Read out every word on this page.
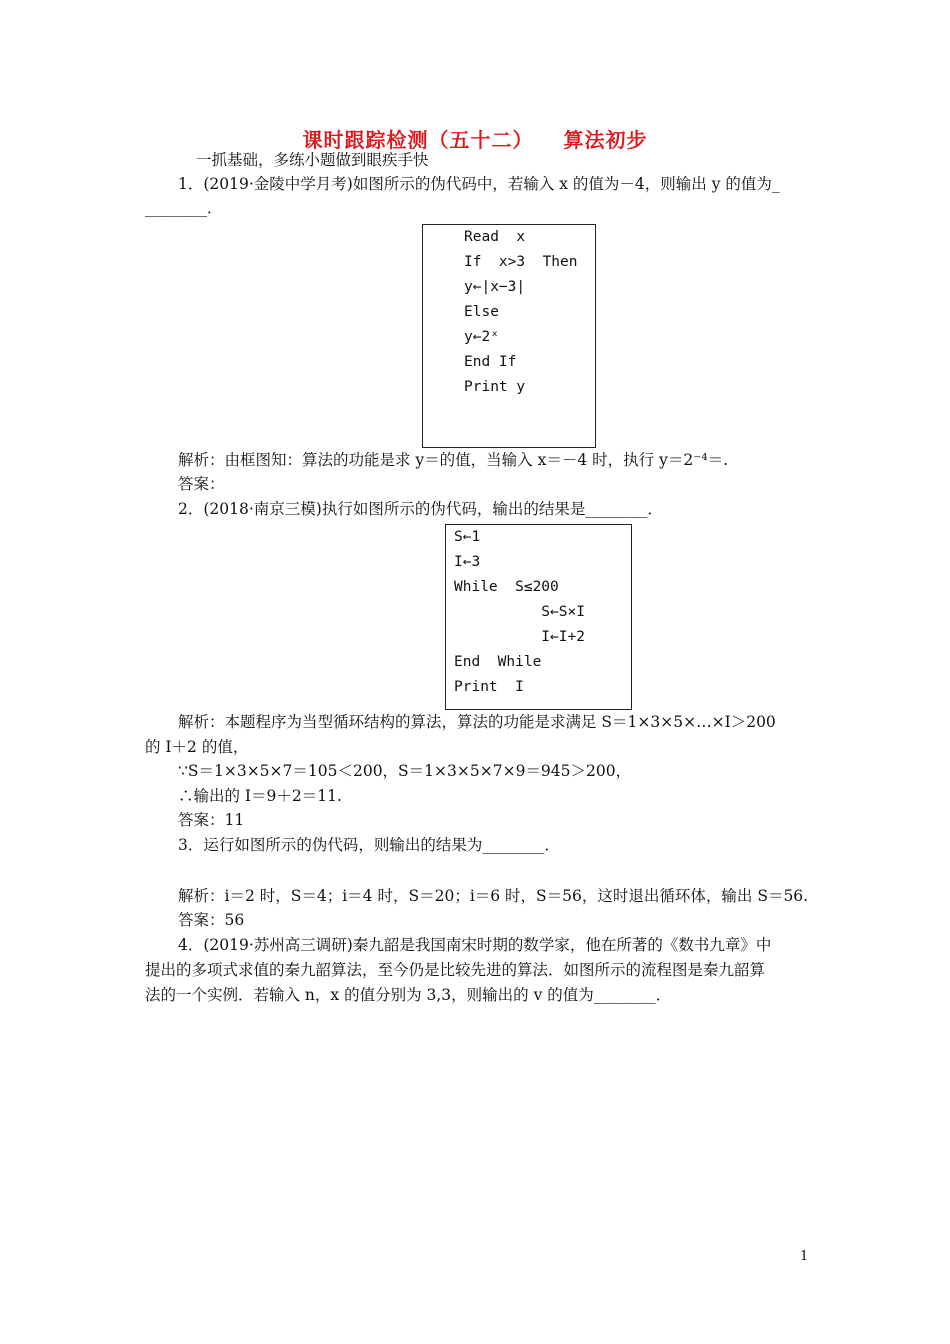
课时跟踪检测（五十二） 算法初步
一抓基础，多练小题做到眼疾手快
1．(2019·金陵中学月考)如图所示的伪代码中，若输入 x 的值为－4，则输出 y 的值为_
________．
Read  x
If  x>3  Then
y←|x−3|
Else
y←2ˣ
End If
Print y
解析：由框图知：算法的功能是求 y＝的值，当输入 x＝－4 时，执行 y＝2⁻⁴＝.
答案：
2．(2018·南京三模)执行如图所示的伪代码，输出的结果是________．
S←1
I←3
While  S≤200
S←S×I
I←I+2
End  While
Print  I
解析：本题程序为当型循环结构的算法，算法的功能是求满足 S＝1×3×5×…×I＞200
的 I＋2 的值，
∵S＝1×3×5×7＝105＜200，S＝1×3×5×7×9＝945＞200，
∴输出的 I＝9＋2＝11.
答案：11
3．运行如图所示的伪代码，则输出的结果为________．
解析：i＝2 时，S＝4；i＝4 时，S＝20；i＝6 时，S＝56，这时退出循环体，输出 S＝56.
答案：56
4．(2019·苏州高三调研)秦九韶是我国南宋时期的数学家，他在所著的《数书九章》中
提出的多项式求值的秦九韶算法，至今仍是比较先进的算法．如图所示的流程图是秦九韶算
法的一个实例．若输入 n，x 的值分别为 3,3，则输出的 v 的值为________．
1
